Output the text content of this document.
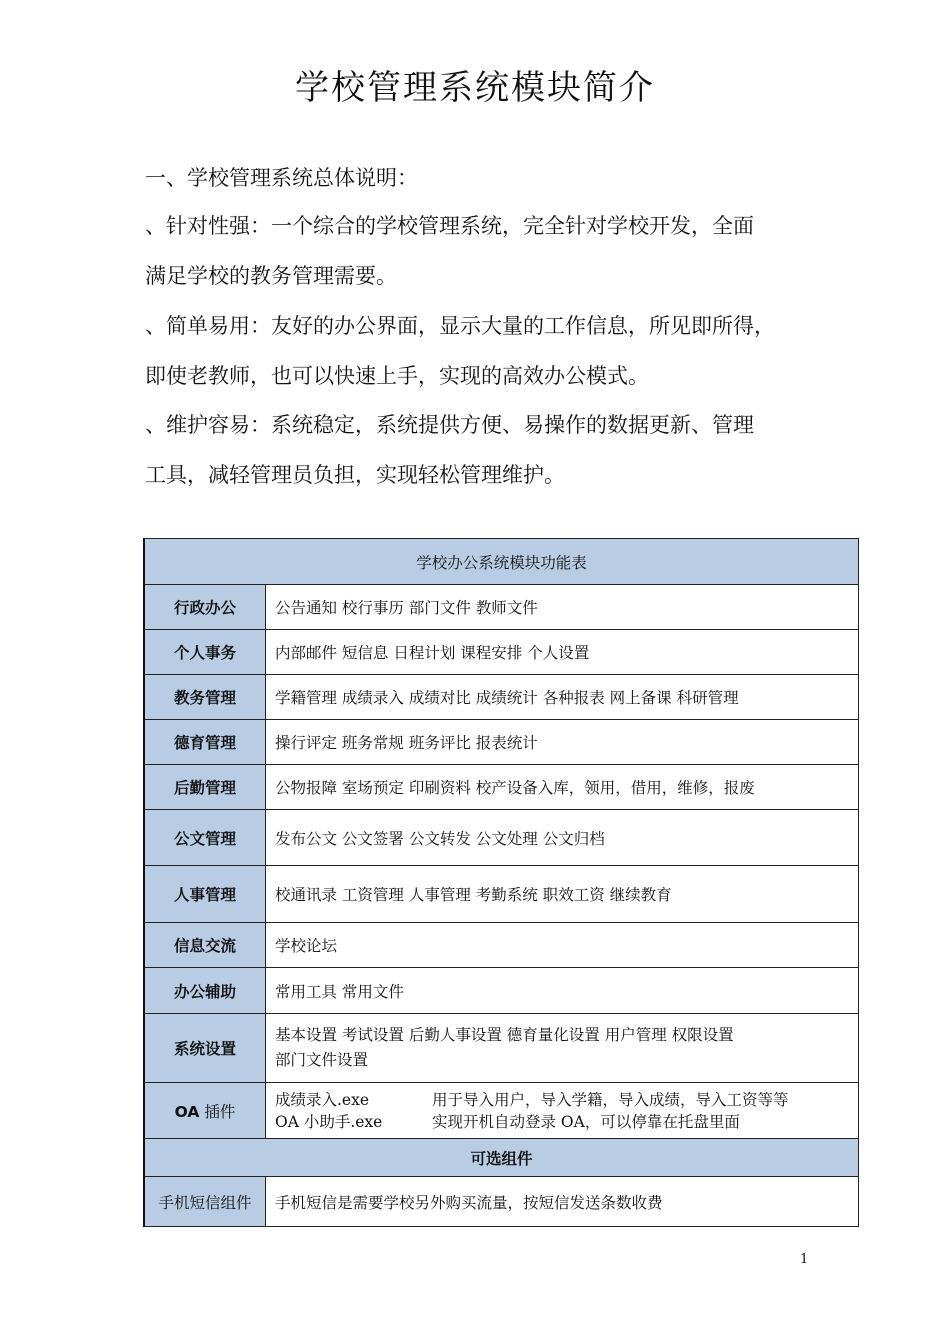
学校管理系统模块简介
一、学校管理系统总体说明：
、针对性强：一个综合的学校管理系统，完全针对学校开发，全面
满足学校的教务管理需要。
、简单易用：友好的办公界面，显示大量的工作信息，所见即所得，
即使老教师，也可以快速上手，实现的高效办公模式。
、维护容易：系统稳定，系统提供方便、易操作的数据更新、管理
工具，减轻管理员负担，实现轻松管理维护。
学校办公系统模块功能表	
行政办公	公告通知 校行事历 部门文件 教师文件
个人事务	内部邮件 短信息 日程计划 课程安排 个人设置
教务管理	学籍管理 成绩录入 成绩对比 成绩统计 各种报表 网上备课 科研管理
德育管理	操行评定 班务常规 班务评比 报表统计
后勤管理	公物报障 室场预定 印刷资料 校产设备入库，领用，借用，维修，报废
公文管理	发布公文 公文签署 公文转发 公文处理 公文归档
人事管理	校通讯录 工资管理 人事管理 考勤系统 职效工资 继续教育
信息交流	学校论坛
办公辅助	常用工具 常用文件
系统设置	基本设置 考试设置 后勤人事设置 德育量化设置 用户管理 权限设置
部门文件设置

OA 插件	成绩录入.exe 用于导入用户，导入学籍，导入成绩，导入工资等等
OA 小助手.exe 实现开机自动登录 OA，可以停靠在托盘里面

可选组件	
手机短信组件	手机短信是需要学校另外购买流量，按短信发送条数收费
1
